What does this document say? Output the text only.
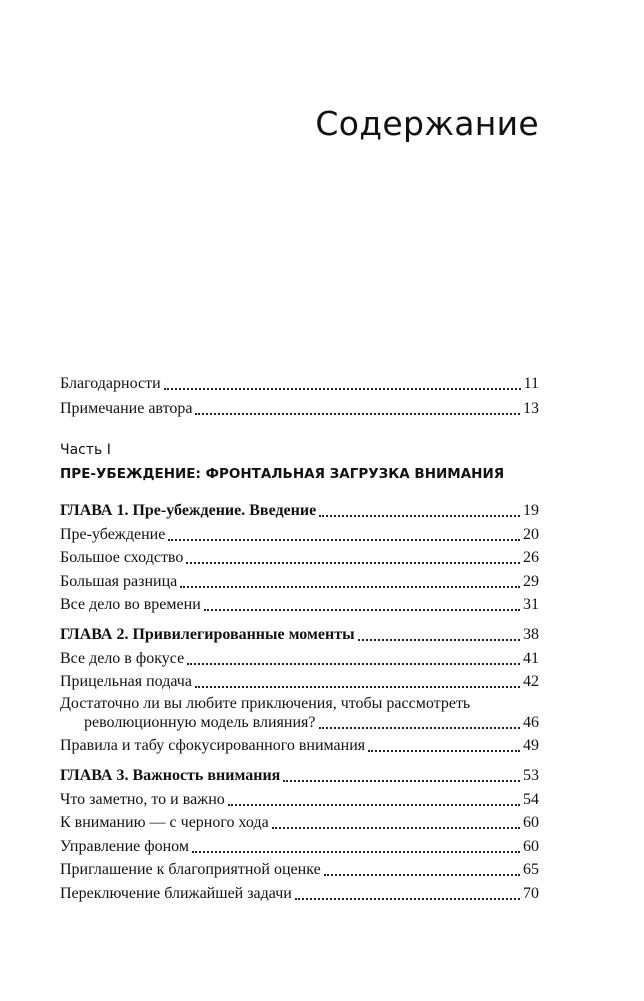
Содержание
Благодарности	11
Примечание автора	13
Часть I
ПРЕ-УБЕЖДЕНИЕ: ФРОНТАЛЬНАЯ ЗАГРУЗКА ВНИМАНИЯ
ГЛАВА 1. Пре-убеждение. Введение	19
Пре-убеждение	20
Большое сходство	26
Большая разница	29
Все дело во времени	31
ГЛАВА 2. Привилегированные моменты	38
Все дело в фокусе	41
Прицельная подача	42
Достаточно ли вы любите приключения, чтобы рассмотреть
революционную модель влияния?	46
Правила и табу сфокусированного внимания	49
ГЛАВА 3. Важность внимания	53
Что заметно, то и важно	54
К вниманию — с черного хода	60
Управление фоном	60
Приглашение к благоприятной оценке	65
Переключение ближайшей задачи	70
